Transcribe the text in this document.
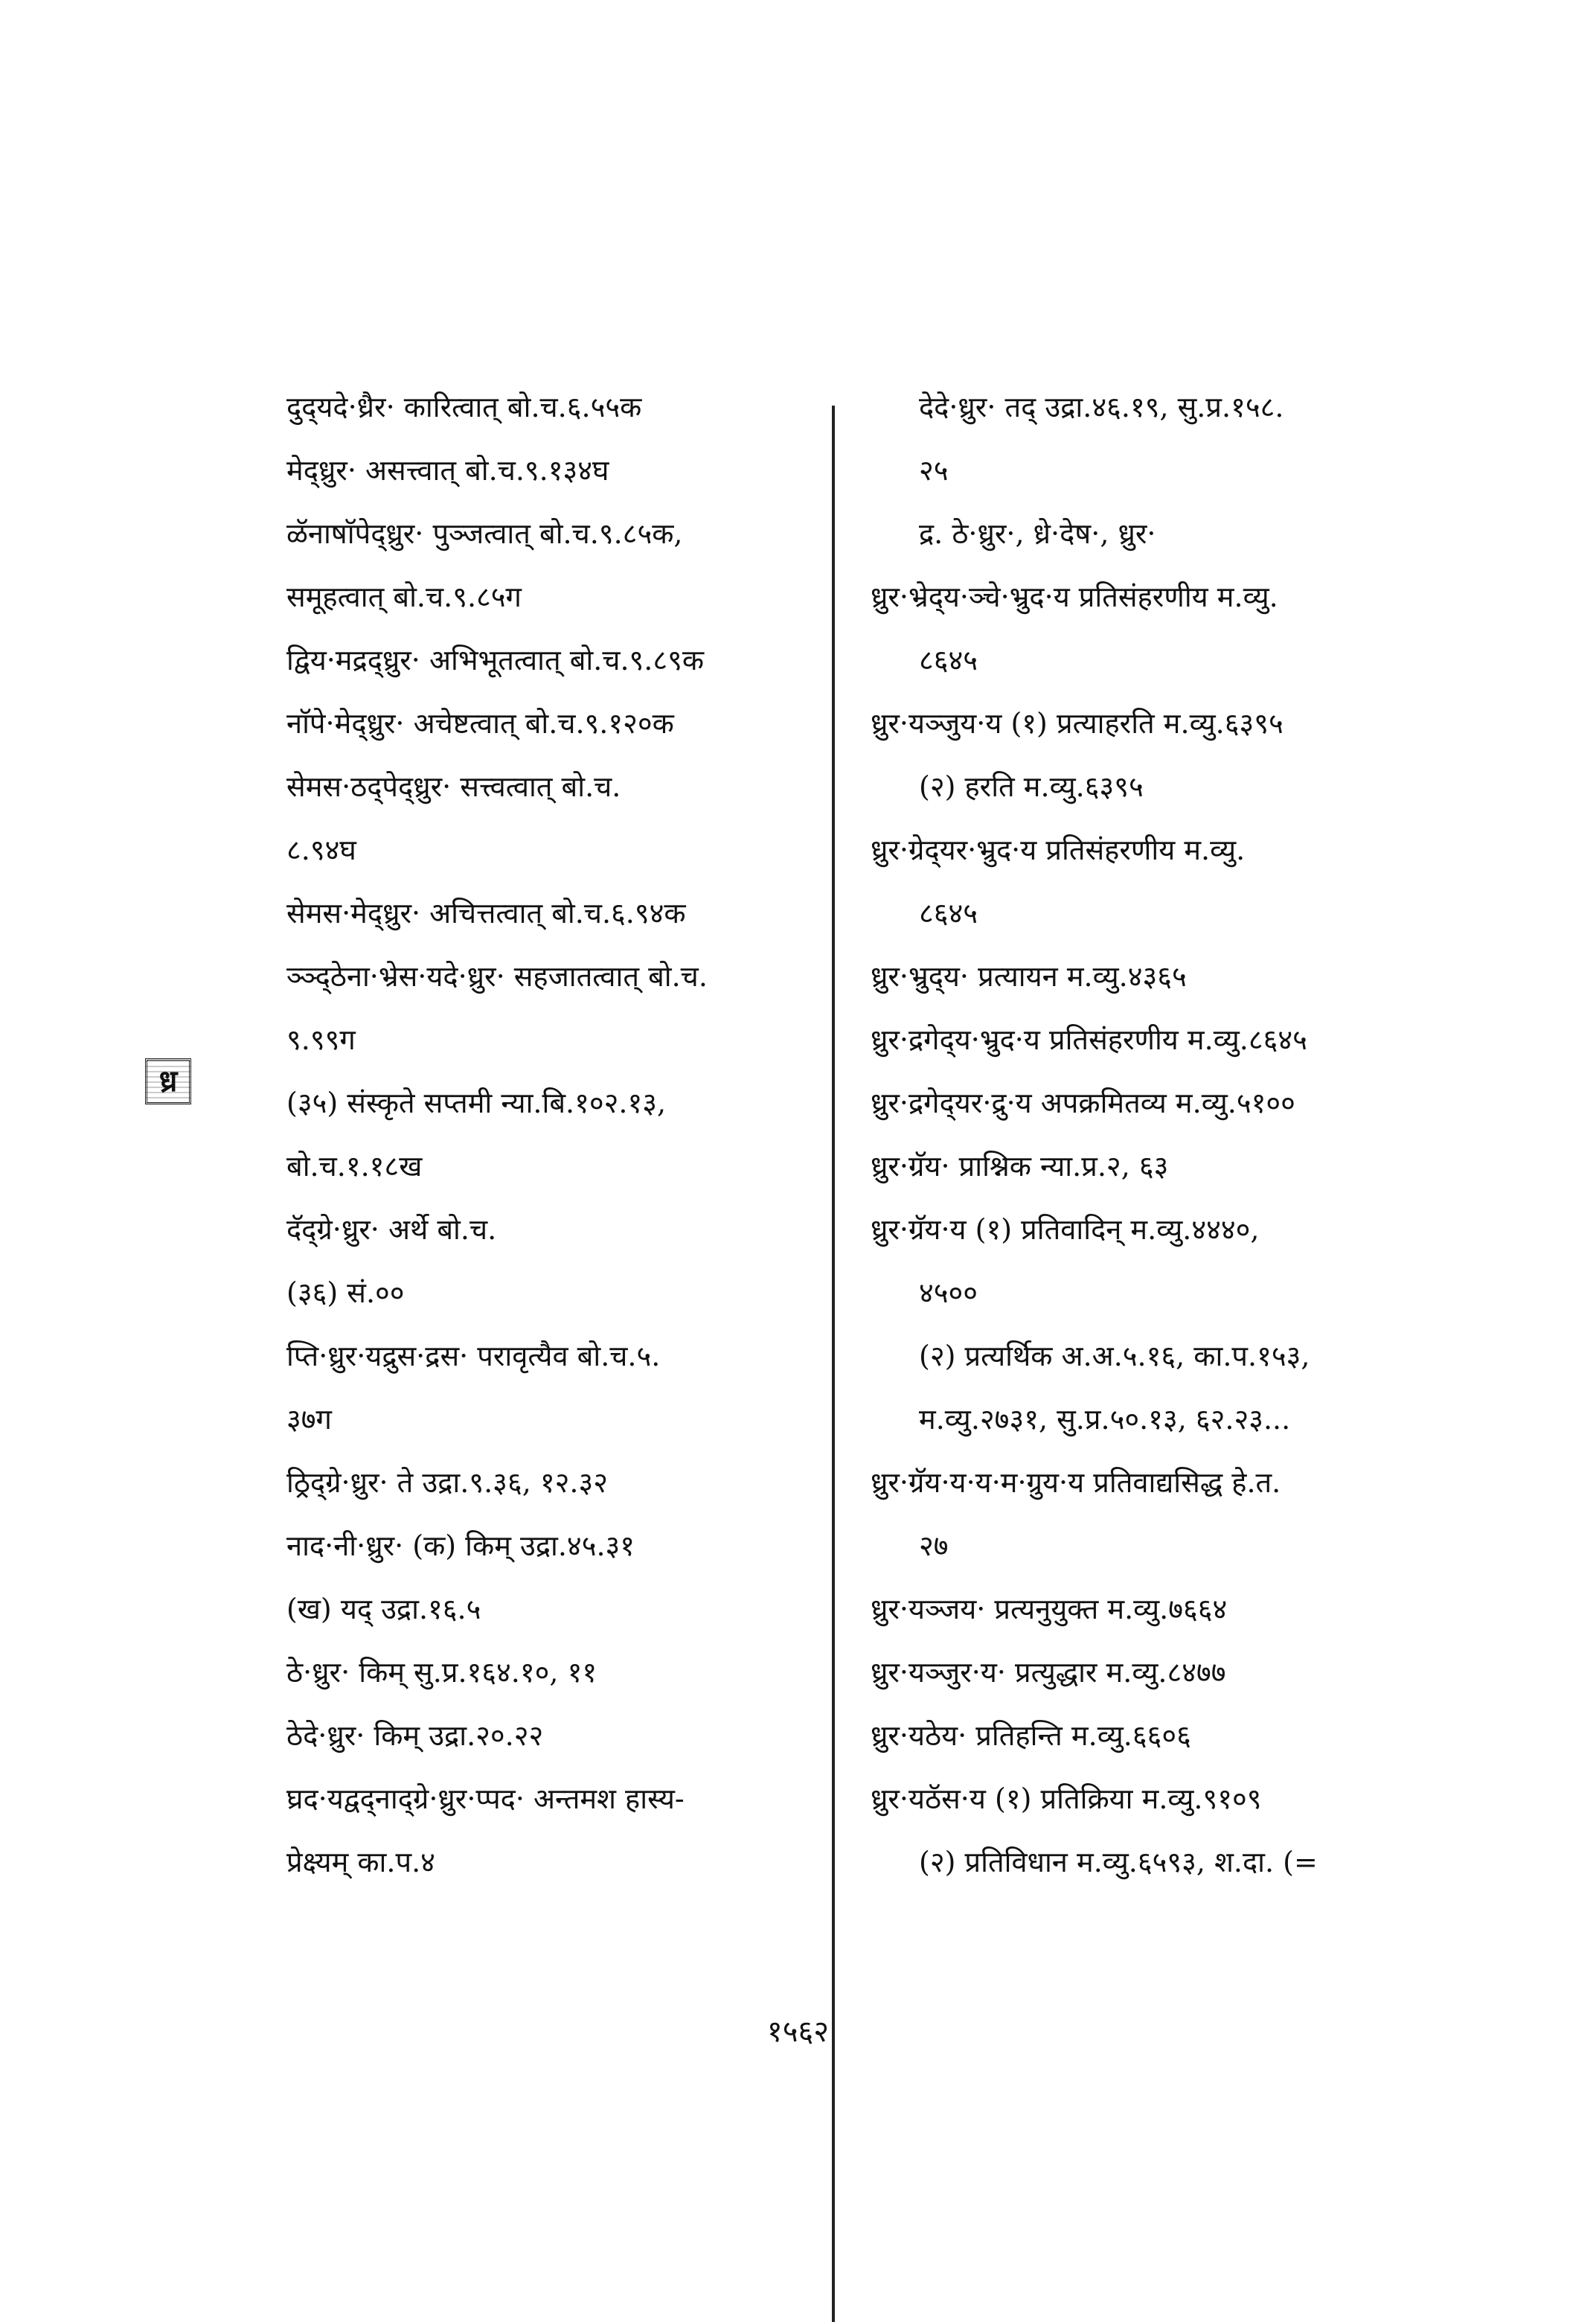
दुद्‌यदे·ध्रैर· कारित्वात् बो.च.६.५५क
मेद्‌ध्रुर· असत्त्वात् बो.च.९.१३४घ
ळॅनाषाॅपेद्‌ध्रुर· पुञ्जत्वात् बो.च.९.८५क,
समूहत्वात् बो.च.९.८५ग
द्विय·मद्रद्‌ध्रुर· अभिभूतत्वात् बो.च.९.८९क
नाॅपे·मेद्‌ध्रुर· अचेष्टत्वात् बो.च.९.१२०क
सेमस·ठद्‌पेद्‌ध्रुर· सत्त्वत्वात् बो.च.
८.९४घ
सेमस·मेद्‌ध्रुर· अचित्तत्वात् बो.च.६.९४क
ञ्ञ्द्‌ठेना·भ्रेस·यदे·ध्रुर· सहजातत्वात् बो.च.
९.९९ग
(३५) संस्कृते सप्तमी न्या.बि.१०२.१३,
बो.च.१.१८ख
दॅद्‌ग्रे·ध्रुर· अर्थे बो.च.
(३६) सं.००
प्ति·ध्रुर·यद्रुस·द्रस· परावृत्यैव बो.च.५.
३७ग
ठ्रिद्‌ग्रे·ध्रुर· ते उद्रा.९.३६, १२.३२
नाद·नी·ध्रुर· (क) किम् उद्रा.४५.३१
(ख) यद् उद्रा.१६.५
ठे·ध्रुर· किम् सु.प्र.१६४.१०, ११
ठेदे·ध्रुर· किम् उद्रा.२०.२२
घ्रद·यद्वद्‌नाद्‌ग्रे·ध्रुर·प्पद· अन्तमश हास्य-
प्रेक्ष्यम् का.प.४
देदे·ध्रुर· तद् उद्रा.४६.१९, सु.प्र.१५८.
२५
द्र. ठे·ध्रुर·, ध्रे·देष·, ध्रुर·
ध्रुर·भ्रेद्‌य·ञ्चे·भ्रुद·य प्रतिसंहरणीय म.व्यु.
८६४५
ध्रुर·यञ्जुय·य (१) प्रत्याहरति म.व्यु.६३९५
(२) हरति म.व्यु.६३९५
ध्रुर·ग्रेद्‌यर·भ्रुद·य प्रतिसंहरणीय म.व्यु.
८६४५
ध्रुर·भ्रुद्‌य· प्रत्यायन म.व्यु.४३६५
ध्रुर·द्रगेद्‌य·भ्रुद·य प्रतिसंहरणीय म.व्यु.८६४५
ध्रुर·द्रगेद्‌यर·द्रु·य अपक्रमितव्य म.व्यु.५१००
ध्रुर·ग्रॅय· प्राश्निक न्या.प्र.२, ६३
ध्रुर·ग्रॅय·य (१) प्रतिवादिन् म.व्यु.४४४०,
४५००
(२) प्रत्यर्थिक अ.अ.५.१६, का.प.१५३,
म.व्यु.२७३१, सु.प्र.५०.१३, ६२.२३...
ध्रुर·ग्रॅय·य·य·म·ग्रुय·य प्रतिवाद्यसिद्ध हे.त.
२७
ध्रुर·यञ्जय· प्रत्यनुयुक्त म.व्यु.७६६४
ध्रुर·यञ्जुर·य· प्रत्युद्धार म.व्यु.८४७७
ध्रुर·यठेय· प्रतिहन्ति म.व्यु.६६०६
ध्रुर·यठॅस·य (१) प्रतिक्रिया म.व्यु.९१०९
(२) प्रतिविधान म.व्यु.६५९३, श.दा. (=
ध्र
१५६२
